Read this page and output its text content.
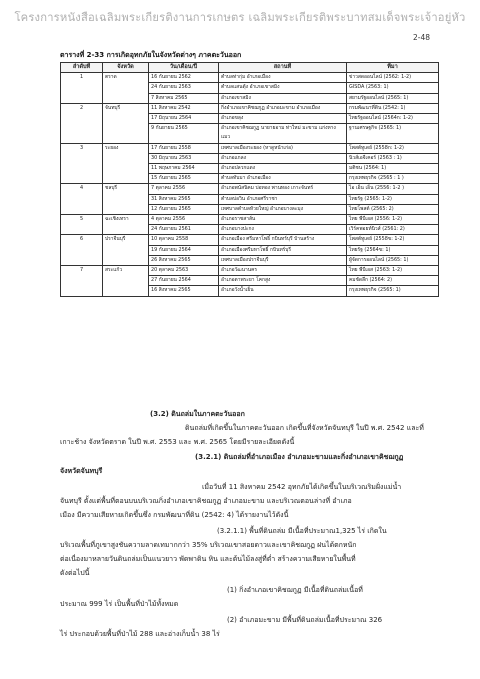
โครงการหนังสือเฉลิมพระเกียรติงานการเกษตร เฉลิมพระเกียรติพระบาทสมเด็จพระเจ้าอยู่หัว
2-48
ตารางที่ 2-33 การเกิดอุทกภัยในจังหวัดต่างๆ ภาคตะวันออก
ลำดับที่	จังหวัด	วัน/เดือน/ปี	สถานที่	ที่มา
1	ตราด	16 กันยายน 2562	ตำบลท่ากุ่ม อำเภอเมือง	ข่าวสดออนไลน์ (2562: 1-2)
		24 กันยายน 2563	ตำบลแสนตุ้ง อำเภอเขาสมิง	GISDA (2563: 1)
		7 สิงหาคม 2565	อำเภอเขาสมิง	สยามรัฐออนไลน์ (2565: 1)
2	จันทบุรี	11 สิงหาคม 2542	กิ่งอำเภอเขาคิชฌกูฏ อำเภอมะขาม อำเภอเมือง	กรมพัฒนาที่ดิน (2542: 1)
		17 มิถุนายน 2564	อำเภอขลุง	ไทยรัฐออนไลน์ (2564ก: 1-2)
		9 กันยายน 2565	อำเภอเขาคิชฌกูฏ นายายอาม ท่าใหม่ มะขาม แก่งหางแมว	ฐานเศรษฐกิจ (2565: 1)
3	ระยอง	17 กันยายน 2558	เทศบาลเมืองระยอง (หาดูหน้าเก่อ)	โพสต์ทูเดย์ (2558ก: 1-2)
		30 มิถุนายน 2563	อำเภอแกลง	นิวส์เอจีเคอร์ (2563 : 1)
		11 พฤษภาคม 2564	อำเภอปลวกแดง	มติชน (2564: 1)
		15 กันยายน 2565	ตำบลทับมา อำเภอเมือง	กรุงเทพธุรกิจ (2565 : 1 )
4	ชลบุรี	7 ตุลาคม 2556	อำเภอพนัสนิคม บ่อทอง พานทอง เกาะจันทร์	ไอ เอ็น เอ็น (2556: 1-2 )
		31 สิงหาคม 2565	ตำบลบ่อวิน อำเภอศรีราชา	ไทยรัฐ (2565: 1-2)
		12 กันยายน 2565	เทศบาลตำบลห้วยใหญ่ อำเภอบางละมุง	ไทยโพสต์ (2565: 2)
5	ฉะเชิงเทรา	4 ตุลาคม 2556	อำเภอราชสาส์น	ไทย พีบีเอส (2556: 1-2)
		24 กันยายน 2561	อำเภอบางปะกง	เวิร์คพอยท์นิวส์ (2561: 2)
6	ปราจีนบุรี	10 ตุลาคม 2558	อำเภอเมือง ศรีมหาโพธิ์ กบินทร์บุรี บ้านสร้าง	โพสต์ทูเดย์ (2558ข: 1-2)
		19 กันยายน 2564	อำเภอเมืองศรีมหาโพธิ์ กบินทร์บุรี	ไทยรัฐ (2564ข: 1)
		26 สิงหาคม 2565	เทศบาลเมืองปราจีนบุรี	ผู้จัดการออนไลน์ (2565: 1)
7	สระแก้ว	20 ตุลาคม 2563	อำเภอวัฒนานคร	ไทย พีบีเอส (2563: 1-2)
		27 กันยายน 2564	อำเภอตาพระยา โคกสูง	คมชัดลึก (2564: 2)
		16 สิงหาคม 2565	อำเภอวังน้ำเย็น	กรุงเทพธุรกิจ (2565: 1)
(3.2) ดินถล่มในภาคตะวันออก
ดินถล่มที่เกิดขึ้นในภาคตะวันออก เกิดขึ้นที่จังหวัดจันทบุรี ในปี พ.ศ. 2542 และที่
เกาะช้าง จังหวัดตราด ในปี พ.ศ. 2553 และ พ.ศ. 2565 โดยมีรายละเอียดดังนี้
(3.2.1) ดินถล่มที่อำเภอเมือง อำเภอมะขามและกิ่งอำเภอเขาคิชฌกูฏ
จังหวัดจันทบุรี
เมื่อวันที่ 11 สิงหาคม 2542 อุทกภัยได้เกิดขึ้นในบริเวณริมฝั่งแม่น้ำ
จันทบุรี ตั้งแต่พื้นที่ตอนบนบริเวณกิ่งอำเภอเขาคิชฌกูฏ อำเภอมะขาม และบริเวณตอนล่างที่ อำเภอ
เมือง มีความเสียหายเกิดขึ้นซึ่ง กรมพัฒนาที่ดิน (2542: 4) ได้รายงานไว้ดังนี้
(3.2.1.1) พื้นที่ดินถล่ม มีเนื้อที่ประมาณ1,325 ไร่ เกิดใน
บริเวณพื้นที่ภูเขาสูงชันความลาดเทมากกว่า 35% บริเวณเขาสอยดาวและเขาคิชฌกูฏ ฝนได้ตกหนัก
ต่อเนื่องมาหลายวันดินถล่มเป็นแนวยาว พัดพาดิน หิน และต้นไม้ลงสู่ที่ต่ำ สร้างความเสียหายในพื้นที่
ดังต่อไปนี้
(1) กิ่งอำเภอเขาคิชฌกูฏ มีเนื้อที่ดินถล่มเนื้อที่
ประมาณ 999 ไร่ เป็นพื้นที่ป่าไม้ทั้งหมด
(2) อำเภอมะขาม มีพื้นที่ดินถล่มเนื้อที่ประมาณ 326
ไร่ ประกอบด้วยพื้นที่ป่าไม้ 288 และอ่างเก็บน้ำ 38 ไร่
